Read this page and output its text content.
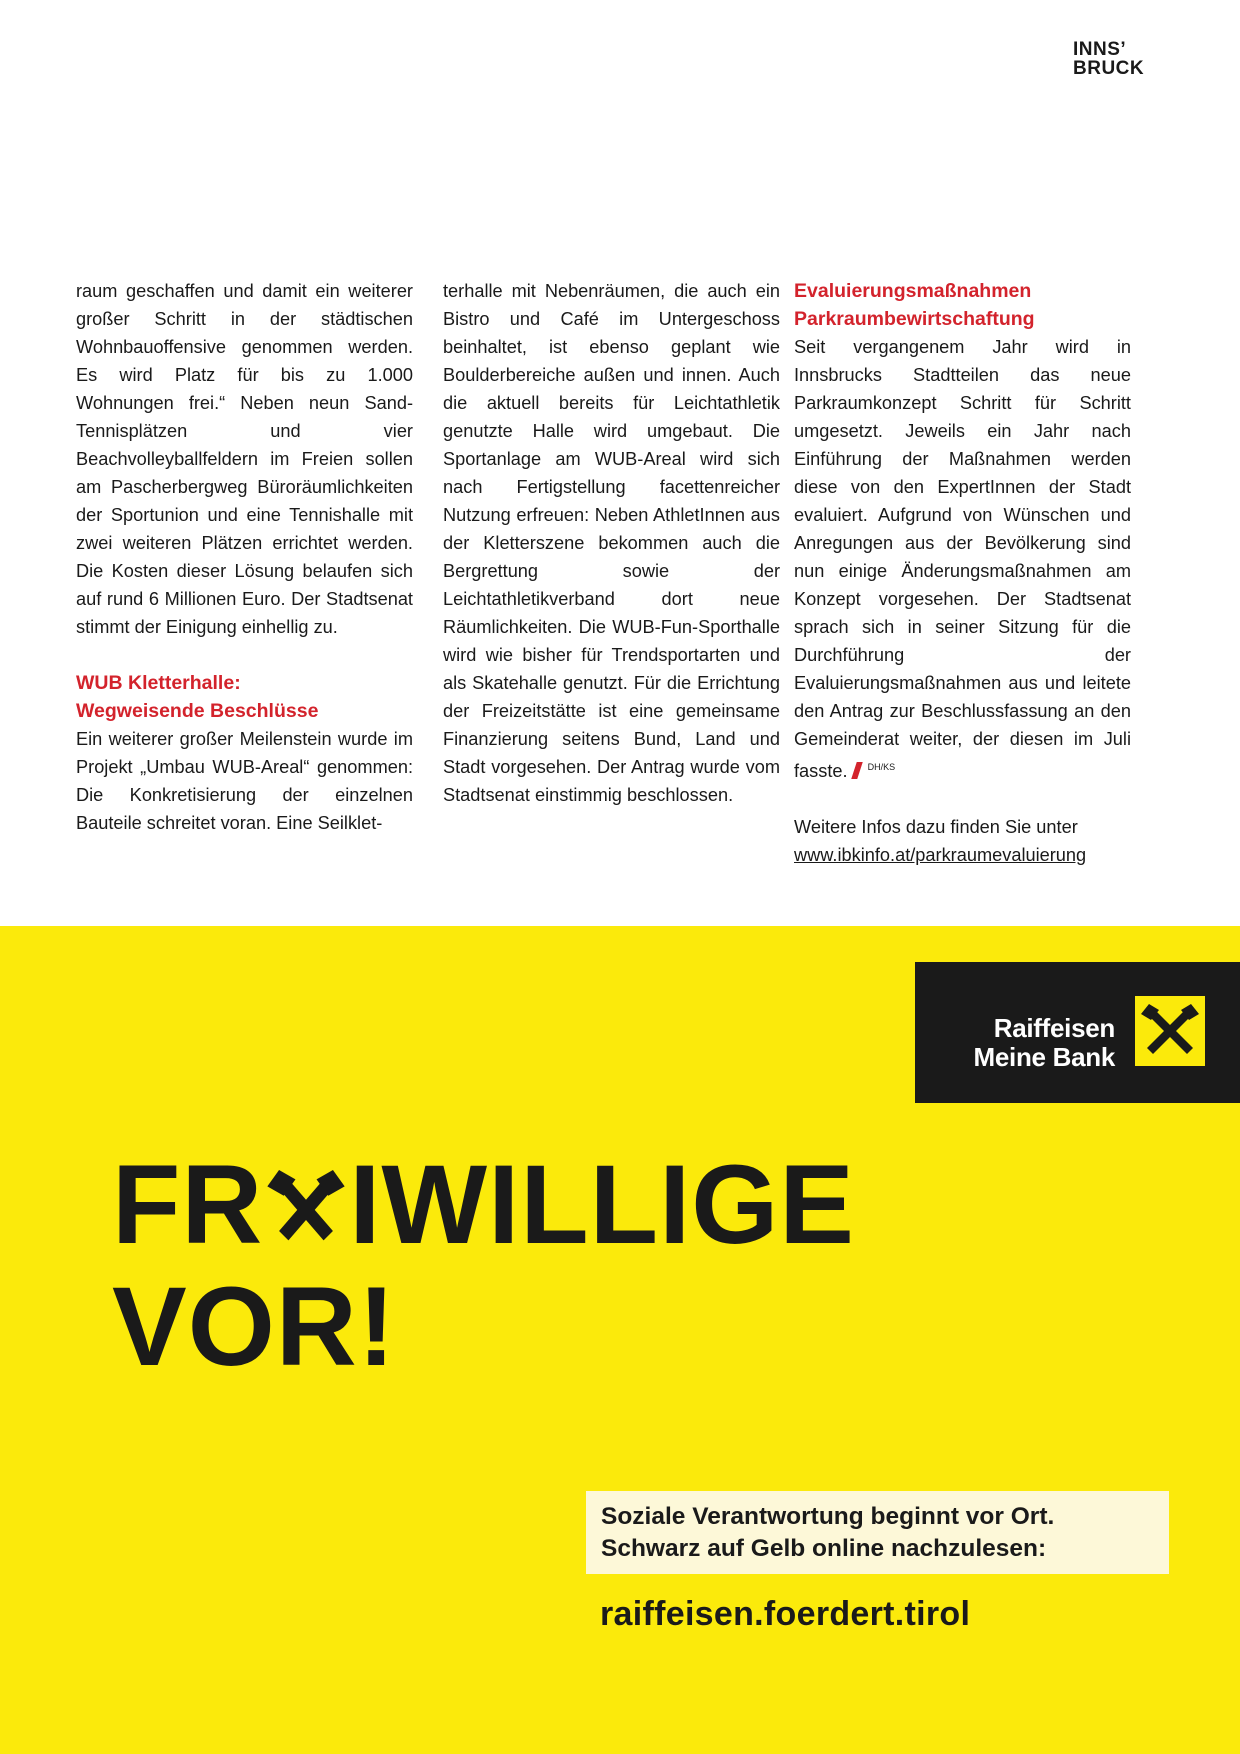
INNS’
BRUCK

raum geschaffen und damit ein weiterer großer Schritt in der städtischen Wohnbauoffensive genommen werden. Es wird Platz für bis zu 1.000 Wohnungen frei.“ Neben neun Sand-Tennisplätzen und vier Beachvolleyballfeldern im Freien sollen am Pascherbergweg Büroräumlichkeiten der Sportunion und eine Tennishalle mit zwei weiteren Plätzen errichtet werden. Die Kosten dieser Lösung belaufen sich auf rund 6 Millionen Euro. Der Stadtsenat stimmt der Einigung einhellig zu.

WUB Kletterhalle:
Wegweisende Beschlüsse

Ein weiterer großer Meilenstein wurde im Projekt „Umbau WUB-Areal“ genommen: Die Konkretisierung der einzelnen Bauteile schreitet voran. Eine Seilklet-

terhalle mit Nebenräumen, die auch ein Bistro und Café im Untergeschoss beinhaltet, ist ebenso geplant wie Boulderbereiche außen und innen. Auch die aktuell bereits für Leichtathletik genutzte Halle wird umgebaut. Die Sportanlage am WUB-Areal wird sich nach Fertigstellung facettenreicher Nutzung erfreuen: Neben AthletInnen aus der Kletterszene bekommen auch die Bergrettung sowie der Leichtathletikverband dort neue Räumlichkeiten. Die WUB-Fun-Sporthalle wird wie bisher für Trendsportarten und als Skatehalle genutzt. Für die Errichtung der Freizeitstätte ist eine gemeinsame Finanzierung seitens Bund, Land und Stadt vorgesehen. Der Antrag wurde vom Stadtsenat einstimmig beschlossen.

Evaluierungsmaßnahmen
Parkraumbewirtschaftung

Seit vergangenem Jahr wird in Innsbrucks Stadtteilen das neue Parkraumkonzept Schritt für Schritt umgesetzt. Jeweils ein Jahr nach Einführung der Maßnahmen werden diese von den ExpertInnen der Stadt evaluiert. Aufgrund von Wünschen und Anregungen aus der Bevölkerung sind nun einige Änderungsmaßnahmen am Konzept vorgesehen. Der Stadtsenat sprach sich in seiner Sitzung für die Durchführung der Evaluierungsmaßnahmen aus und leitete den Antrag zur Beschlussfassung an den Gemeinderat weiter, der diesen im Juli fasste. $^{DH/KS}$

Weitere Infos dazu finden Sie unter

www.ibkinfo.at/parkraumevaluierung
Raiffeisen
Meine Bank
FR IWILLIGE
VOR!
Soziale Verantwortung beginnt vor Ort.
Schwarz auf Gelb online nachzulesen:
raiffeisen.foerdert.tirol
